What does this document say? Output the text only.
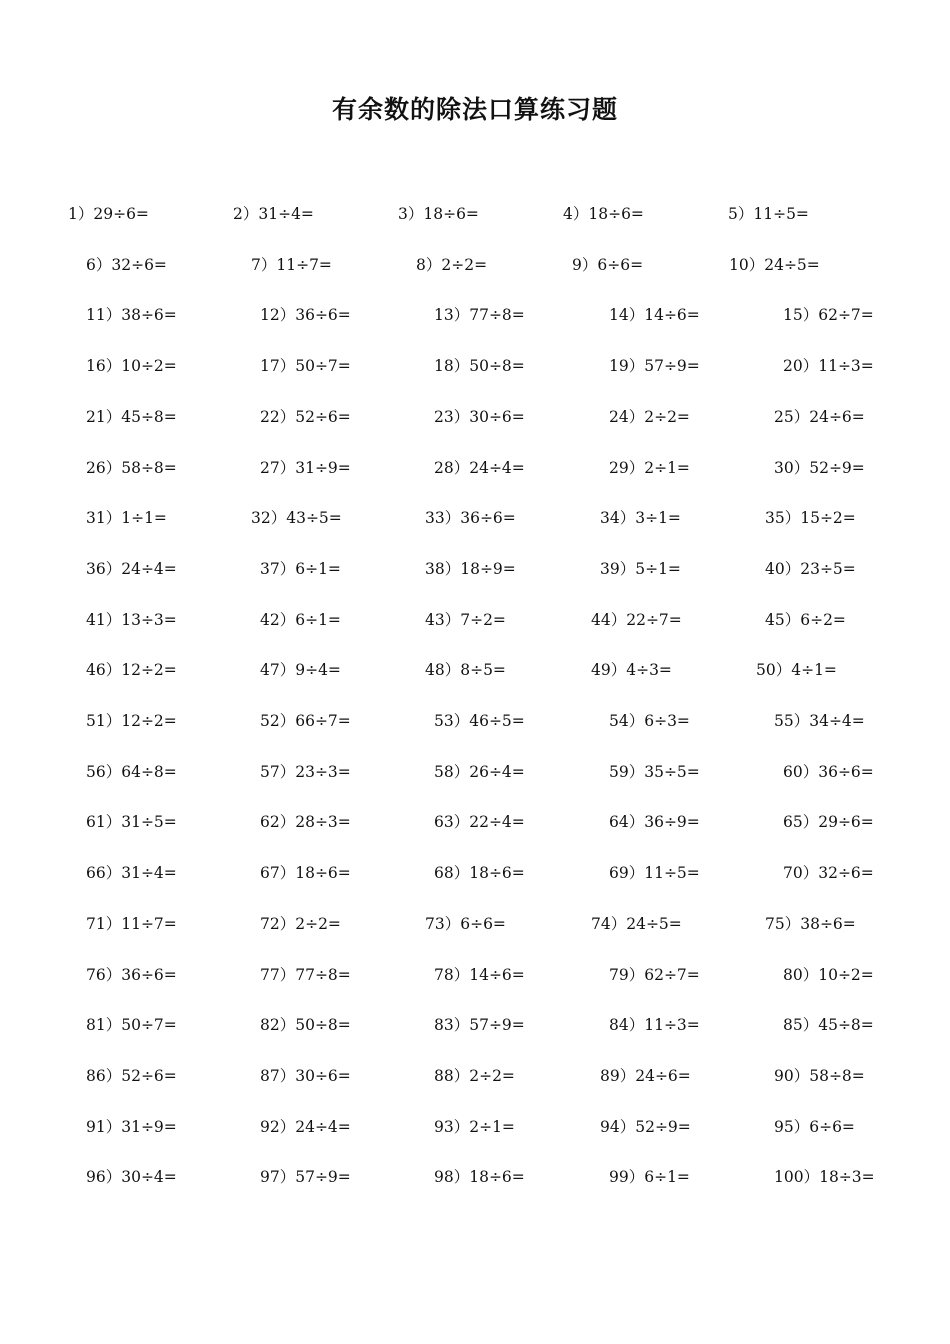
有余数的除法口算练习题
1）29÷6=	2）31÷4=	3）18÷6=	4）18÷6=	5）11÷5=
6）32÷6=	7）11÷7=	8）2÷2=	9）6÷6=	10）24÷5=
11）38÷6=	12）36÷6=	13）77÷8=	14）14÷6=	15）62÷7=
16）10÷2=	17）50÷7=	18）50÷8=	19）57÷9=	20）11÷3=
21）45÷8=	22）52÷6=	23）30÷6=	24）2÷2=	25）24÷6=
26）58÷8=	27）31÷9=	28）24÷4=	29）2÷1=	30）52÷9=
31）1÷1=	32）43÷5=	33）36÷6=	34）3÷1=	35）15÷2=
36）24÷4=	37）6÷1=	38）18÷9=	39）5÷1=	40）23÷5=
41）13÷3=	42）6÷1=	43）7÷2=	44）22÷7=	45）6÷2=
46）12÷2=	47）9÷4=	48）8÷5=	49）4÷3=	50）4÷1=
51）12÷2=	52）66÷7=	53）46÷5=	54）6÷3=	55）34÷4=
56）64÷8=	57）23÷3=	58）26÷4=	59）35÷5=	60）36÷6=
61）31÷5=	62）28÷3=	63）22÷4=	64）36÷9=	65）29÷6=
66）31÷4=	67）18÷6=	68）18÷6=	69）11÷5=	70）32÷6=
71）11÷7=	72）2÷2=	73）6÷6=	74）24÷5=	75）38÷6=
76）36÷6=	77）77÷8=	78）14÷6=	79）62÷7=	80）10÷2=
81）50÷7=	82）50÷8=	83）57÷9=	84）11÷3=	85）45÷8=
86）52÷6=	87）30÷6=	88）2÷2=	89）24÷6=	90）58÷8=
91）31÷9=	92）24÷4=	93）2÷1=	94）52÷9=	95）6÷6=
96）30÷4=	97）57÷9=	98）18÷6=	99）6÷1=	100）18÷3=
